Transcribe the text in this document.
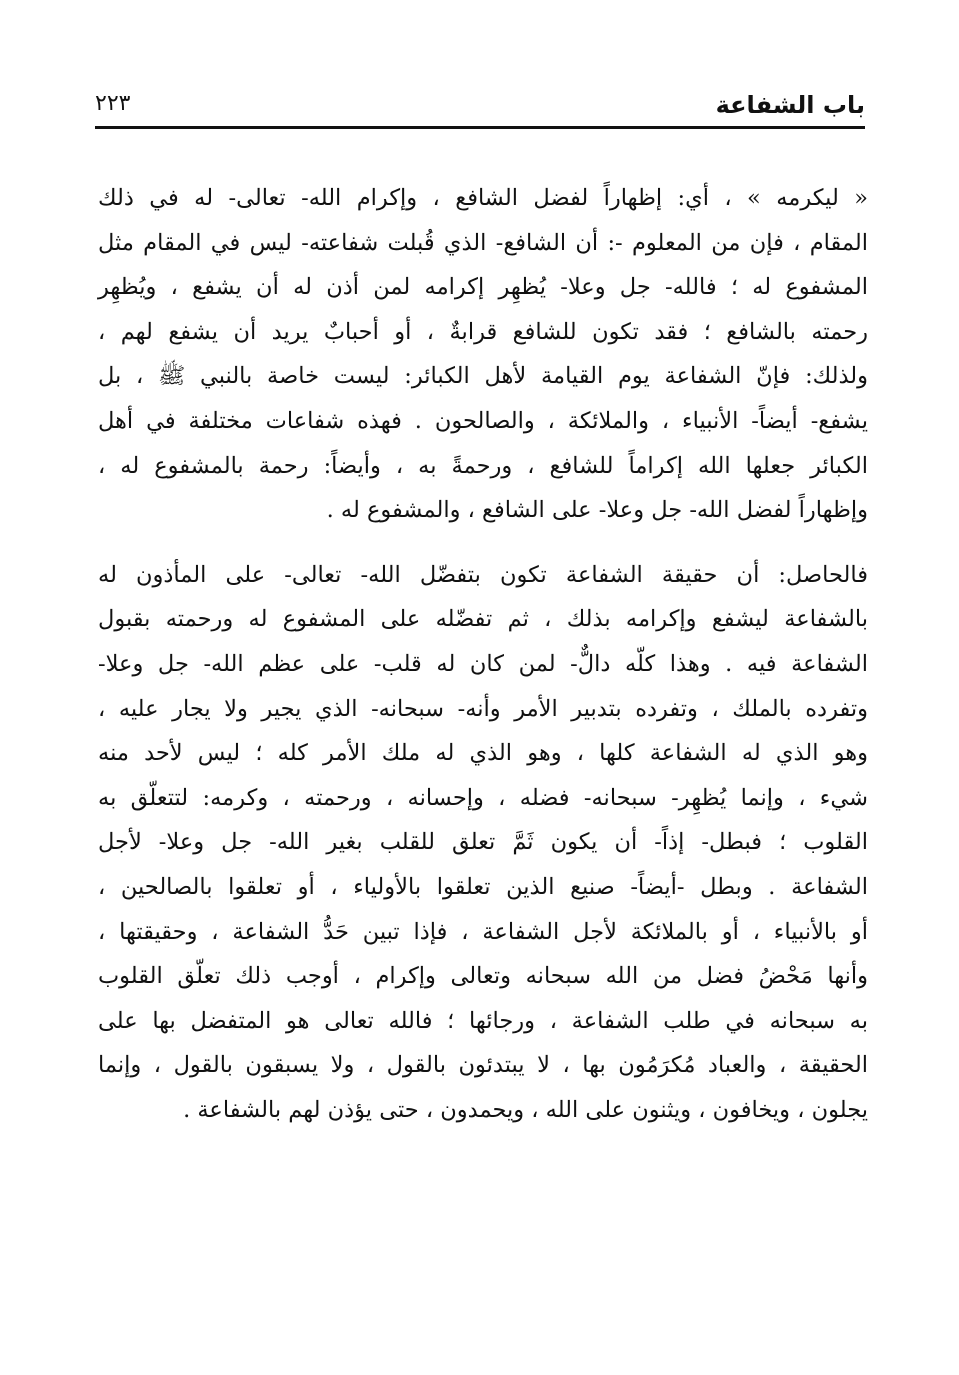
باب الشفاعة
٢٢٣
« ليكرمه » ، أي: إظهاراً لفضل الشافع ، وإكرام الله- تعالى- له في ذلك
المقام ، فإن من المعلوم -: أن الشافع- الذي قُبلت شفاعته- ليس في المقام مثل
المشفوع له ؛ فالله- جل وعلا- يُظهِر إكرامه لمن أذن له أن يشفع ، ويُظهِر
رحمته بالشافع ؛ فقد تكون للشافع قرابةٌ ، أو أحبابٌ يريد أن يشفع لهم ،
ولذلك: فإنّ الشفاعة يوم القيامة لأهل الكبائر: ليست خاصة بالنبي ﷺ ، بل
يشفع- أيضاً- الأنبياء ، والملائكة ، والصالحون . فهذه شفاعات مختلفة في أهل
الكبائر جعلها الله إكراماً للشافع ، ورحمةً به ، وأيضاً: رحمة بالمشفوع له ،
وإظهاراً لفضل الله- جل وعلا- على الشافع ، والمشفوع له .
فالحاصل: أن حقيقة الشفاعة تكون بتفضّل الله- تعالى- على المأذون له
بالشفاعة ليشفع وإكرامه بذلك ، ثم تفضّله على المشفوع له ورحمته بقبول
الشفاعة فيه . وهذا كلّه دالٌّ- لمن كان له قلب- على عظم الله- جل وعلا-
وتفرده بالملك ، وتفرده بتدبير الأمر وأنه- سبحانه- الذي يجير ولا يجار عليه ،
وهو الذي له الشفاعة كلها ، وهو الذي له ملك الأمر كله ؛ ليس لأحد منه
شيء ، وإنما يُظهِر- سبحانه- فضله ، وإحسانه ، ورحمته ، وكرمه: لتتعلّق به
القلوب ؛ فبطل- إذاً- أن يكون ثَمَّ تعلق للقلب بغير الله- جل وعلا- لأجل
الشفاعة . وبطل -أيضاً- صنيع الذين تعلقوا بالأولياء ، أو تعلقوا بالصالحين ،
أو بالأنبياء ، أو بالملائكة لأجل الشفاعة ، فإذا تبين حَدُّ الشفاعة ، وحقيقتها ،
وأنها مَحْضُ فضل من الله سبحانه وتعالى وإكرام ، أوجب ذلك تعلّق القلوب
به سبحانه في طلب الشفاعة ، ورجائها ؛ فالله تعالى هو المتفضل بها على
الحقيقة ، والعباد مُكرَمُون بها ، لا يبتدئون بالقول ، ولا يسبقون بالقول ، وإنما
يجلون ، ويخافون ، ويثنون على الله ، ويحمدون ، حتى يؤذن لهم بالشفاعة .
